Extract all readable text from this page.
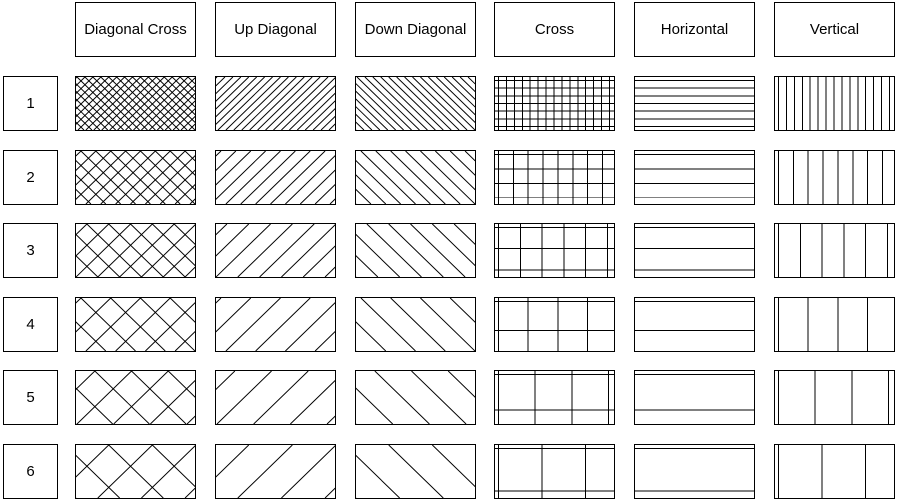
Diagonal Cross	Up Diagonal	Down Diagonal	Cross	Horizontal	Vertical
1
2
3
4
5
6
